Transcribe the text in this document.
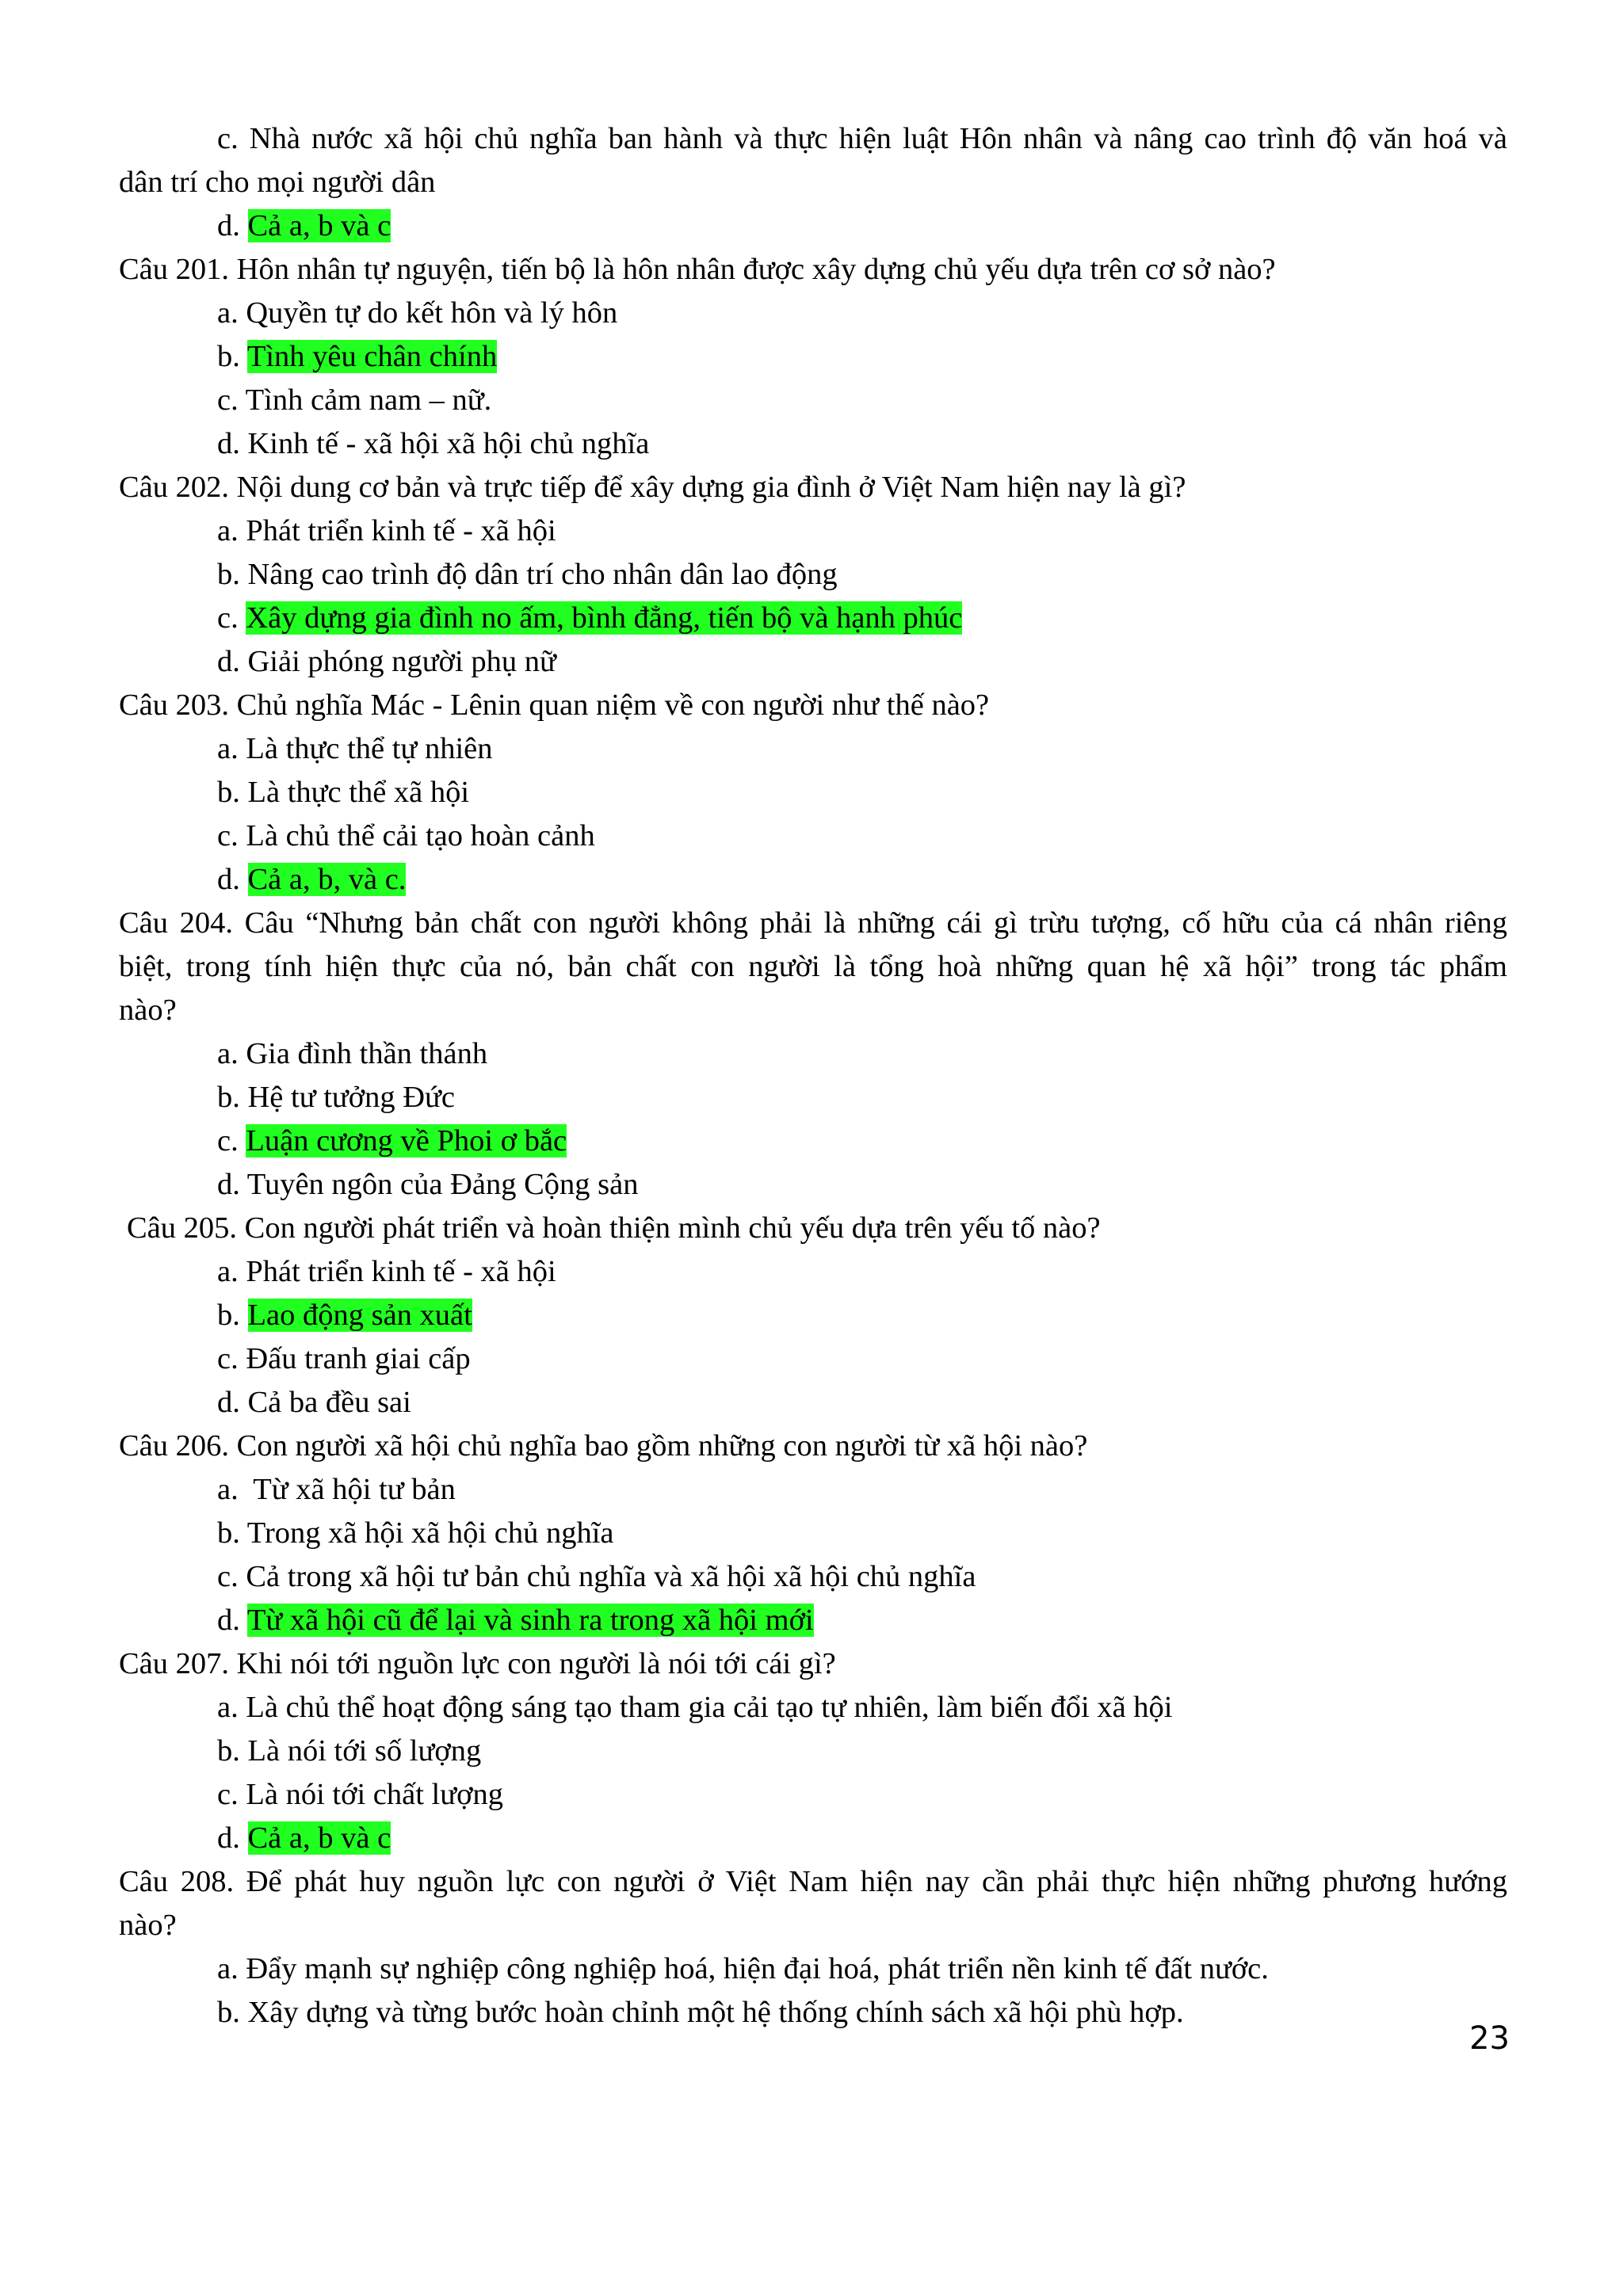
c. Nhà nước xã hội chủ nghĩa ban hành và thực hiện luật Hôn nhân và nâng cao trình độ văn hoá và
dân trí cho mọi người dân
d. Cả a, b và c
Câu 201. Hôn nhân tự nguyện, tiến bộ là hôn nhân được xây dựng chủ yếu dựa trên cơ sở nào?
a. Quyền tự do kết hôn và lý hôn
b. Tình yêu chân chính
c. Tình cảm nam – nữ.
d. Kinh tế - xã hội xã hội chủ nghĩa
Câu 202. Nội dung cơ bản và trực tiếp để xây dựng gia đình ở Việt Nam hiện nay là gì?
a. Phát triển kinh tế - xã hội
b. Nâng cao trình độ dân trí cho nhân dân lao động
c. Xây dựng gia đình no ấm, bình đẳng, tiến bộ và hạnh phúc
d. Giải phóng người phụ nữ
Câu 203. Chủ nghĩa Mác - Lênin quan niệm về con người như thế nào?
a. Là thực thể tự nhiên
b. Là thực thể xã hội
c. Là chủ thể cải tạo hoàn cảnh
d. Cả a, b, và c.
Câu 204. Câu “Nhưng bản chất con người không phải là những cái gì trừu tượng, cố hữu của cá nhân riêng
biệt, trong tính hiện thực của nó, bản chất con người là tổng hoà những quan hệ xã hội” trong tác phẩm
nào?
a. Gia đình thần thánh
b. Hệ tư tưởng Đức
c. Luận cương về Phoi ơ bắc
d. Tuyên ngôn của Đảng Cộng sản
Câu 205. Con người phát triển và hoàn thiện mình chủ yếu dựa trên yếu tố nào?
a. Phát triển kinh tế - xã hội
b. Lao động sản xuất
c. Đấu tranh giai cấp
d. Cả ba đều sai
Câu 206. Con người xã hội chủ nghĩa bao gồm những con người từ xã hội nào?
a.  Từ xã hội tư bản
b. Trong xã hội xã hội chủ nghĩa
c. Cả trong xã hội tư bản chủ nghĩa và xã hội xã hội chủ nghĩa
d. Từ xã hội cũ để lại và sinh ra trong xã hội mới
Câu 207. Khi nói tới nguồn lực con người là nói tới cái gì?
a. Là chủ thể hoạt động sáng tạo tham gia cải tạo tự nhiên, làm biến đổi xã hội
b. Là nói tới số lượng
c. Là nói tới chất lượng
d. Cả a, b và c
Câu 208. Để phát huy nguồn lực con người ở Việt Nam hiện nay cần phải thực hiện những phương hướng
nào?
a. Đẩy mạnh sự nghiệp công nghiệp hoá, hiện đại hoá, phát triển nền kinh tế đất nước.
b. Xây dựng và từng bước hoàn chỉnh một hệ thống chính sách xã hội phù hợp.
23
